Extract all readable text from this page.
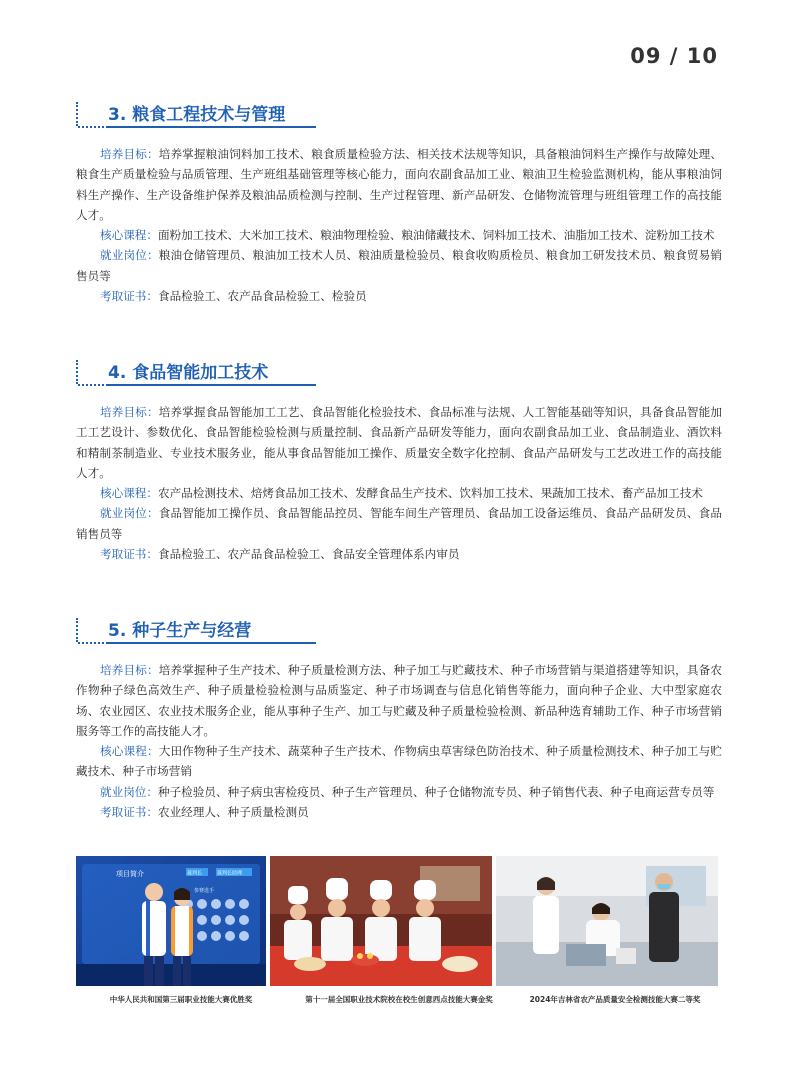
09 / 10
3. 粮食工程技术与管理

培养目标：培养掌握粮油饲料加工技术、粮食质量检验方法、相关技术法规等知识，具备粮油饲料生产操作与故障处理、粮食生产质量检验与品质管理、生产班组基础管理等核心能力，面向农副食品加工业、粮油卫生检验监测机构，能从事粮油饲料生产操作、生产设备维护保养及粮油品质检测与控制、生产过程管理、新产品研发、仓储物流管理与班组管理工作的高技能人才。

核心课程：面粉加工技术、大米加工技术、粮油物理检验、粮油储藏技术、饲料加工技术、油脂加工技术、淀粉加工技术

就业岗位：粮油仓储管理员、粮油加工技术人员、粮油质量检验员、粮食收购质检员、粮食加工研发技术员、粮食贸易销售员等

考取证书：食品检验工、农产品食品检验工、检验员

4. 食品智能加工技术

培养目标：培养掌握食品智能加工工艺、食品智能化检验技术、食品标准与法规、人工智能基础等知识，具备食品智能加工工艺设计、参数优化、食品智能检验检测与质量控制、食品新产品研发等能力，面向农副食品加工业、食品制造业、酒饮料和精制茶制造业、专业技术服务业，能从事食品智能加工操作、质量安全数字化控制、食品产品研发与工艺改进工作的高技能人才。

核心课程：农产品检测技术、焙烤食品加工技术、发酵食品生产技术、饮料加工技术、果蔬加工技术、畜产品加工技术

就业岗位：食品智能加工操作员、食品智能品控员、智能车间生产管理员、食品加工设备运维员、食品产品研发员、食品销售员等

考取证书：食品检验工、农产品食品检验工、食品安全管理体系内审员

5. 种子生产与经营

培养目标：培养掌握种子生产技术、种子质量检测方法、种子加工与贮藏技术、种子市场营销与渠道搭建等知识，具备农作物种子绿色高效生产、种子质量检验检测与品质鉴定、种子市场调查与信息化销售等能力，面向种子企业、大中型家庭农场、农业园区、农业技术服务企业，能从事种子生产、加工与贮藏及种子质量检验检测、新品种选育辅助工作、种子市场营销服务等工作的高技能人才。

核心课程：大田作物种子生产技术、蔬菜种子生产技术、作物病虫草害绿色防治技术、种子质量检测技术、种子加工与贮藏技术、种子市场营销

就业岗位：种子检验员、种子病虫害检疫员、种子生产管理员、种子仓储物流专员、种子销售代表、种子电商运营专员等

考取证书：农业经理人、种子质量检测员

项目简介	裁判长	裁判长助理
参赛选手
中华人民共和国第三届职业技能大赛优胜奖	第十一届全国职业技术院校在校生创意西点技能大赛金奖	2024年吉林省农产品质量安全检测技能大赛二等奖
